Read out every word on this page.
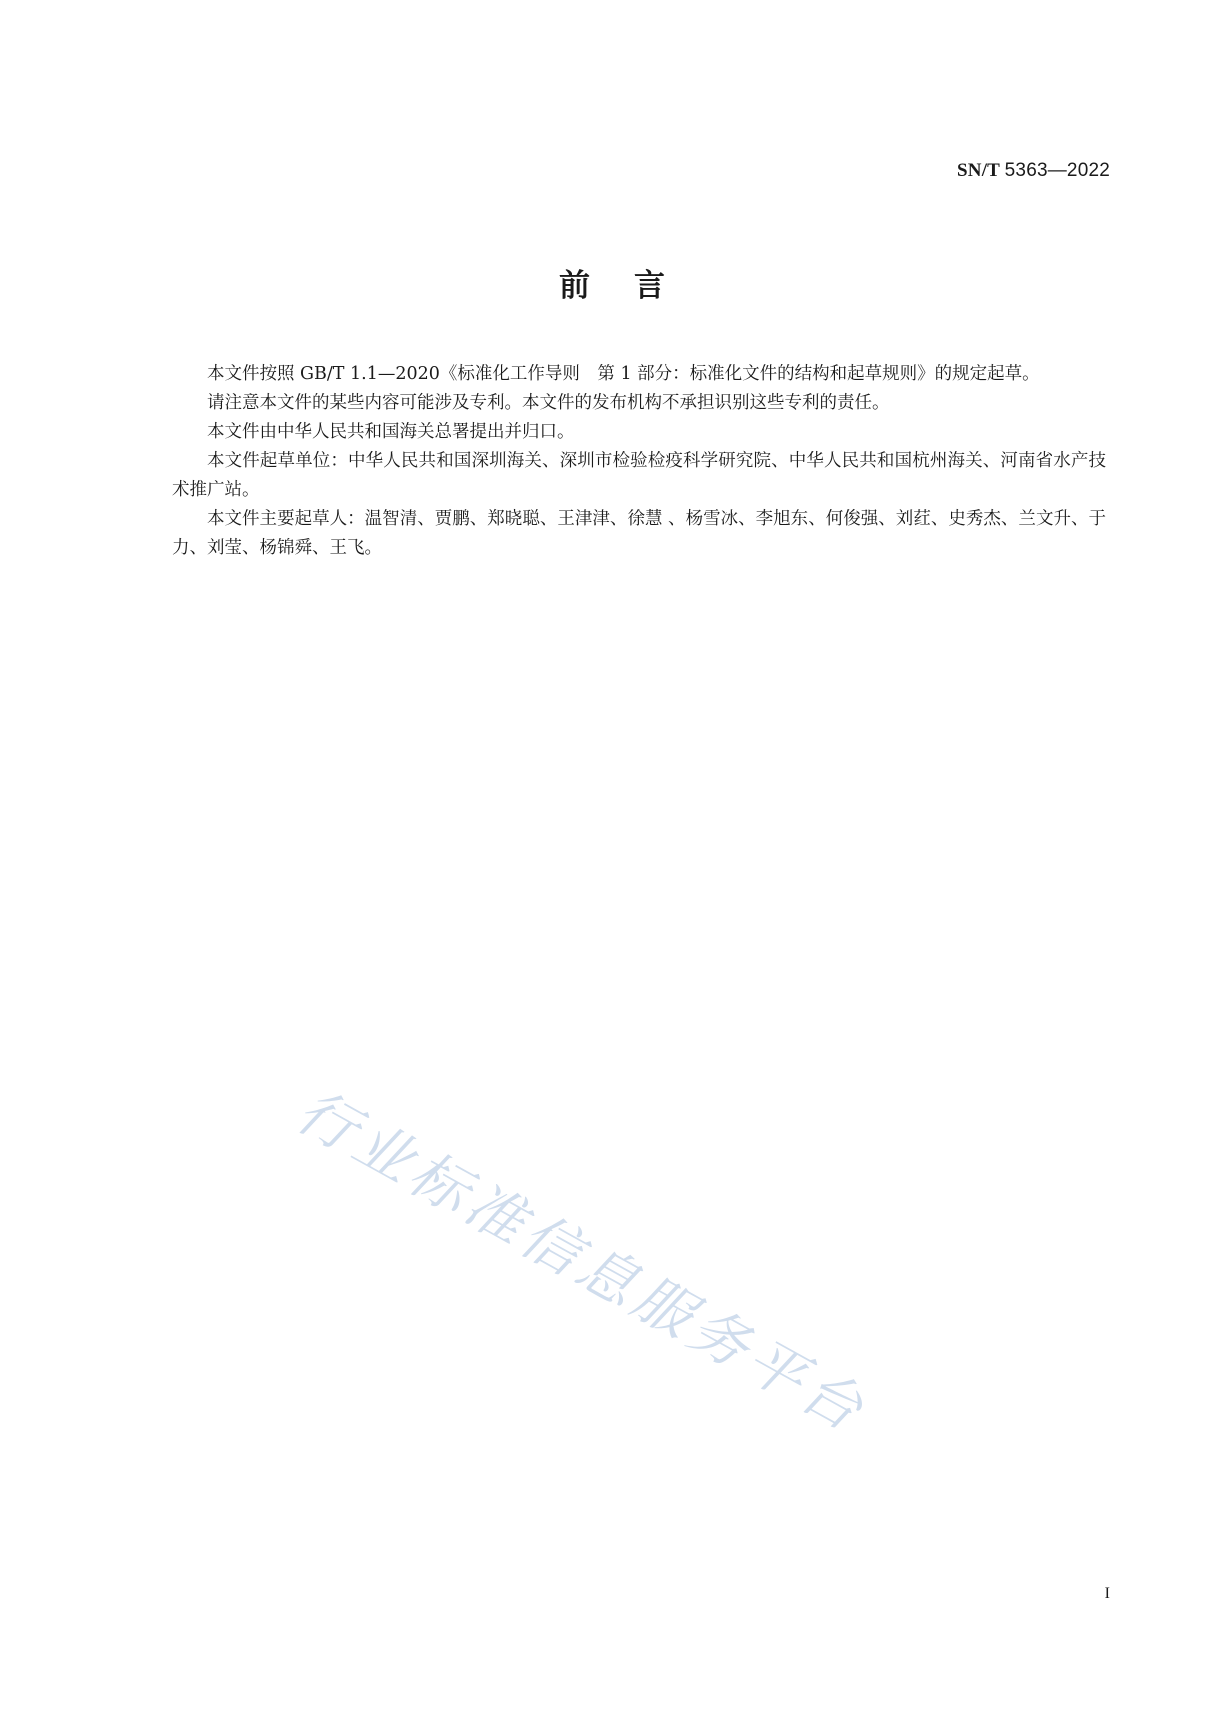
SN/T 5363—2022
前言

本文件按照 GB/T 1.1—2020《标准化工作导则　第 1 部分：标准化文件的结构和起草规则》的规定起草。

请注意本文件的某些内容可能涉及专利。本文件的发布机构不承担识别这些专利的责任。

本文件由中华人民共和国海关总署提出并归口。

本文件起草单位：中华人民共和国深圳海关、深圳市检验检疫科学研究院、中华人民共和国杭州海关、河南省水产技术推广站。

本文件主要起草人：温智清、贾鹏、郑晓聪、王津津、徐慧 、杨雪冰、李旭东、何俊强、刘荭、史秀杰、兰文升、于力、刘莹、杨锦舜、王飞。

行业标准信息服务平台
I
